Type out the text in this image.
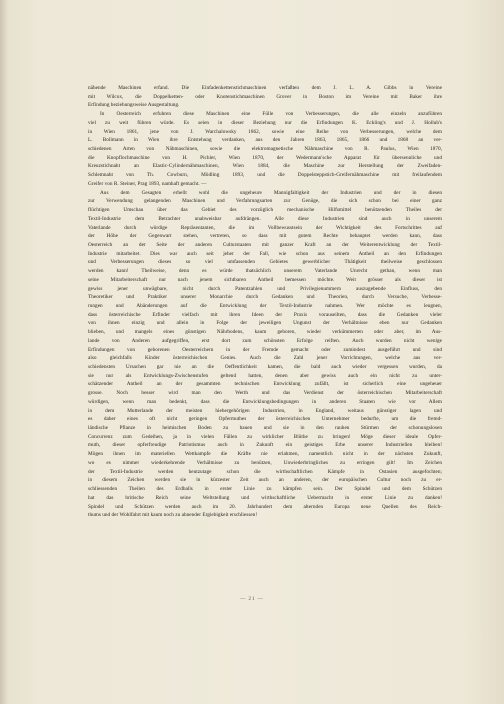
nähende Maschinen erfand. Die Einfadenkettenstichmaschinen verfaßten dem J. L. A. Gibbs in Vereine
mit Wilcox, die Doppelketten- oder Knotenstichmaschinen Grover in Boston im Vereine mit Baker ihre
Erfindung beziehungsweise Ausgestaltung.
In Oesterreich erfuhren diese Maschinen eine Fülle von Verbesserungen, die alle einzeln anzuführen
viel zu weit führen würde. Es seien in dieser Beziehung nur die Erfindungen K. Eckling's und J. Hollub's
in Wien 1861, jene von J. Warchalowsky 1862, sowie eine Reihe von Verbesserungen, welche dem
L. Bollmann in Wien ihre Entstehung verdanken, aus den Jahren 1863, 1865, 1866 und 1868 an ver-
schiedenen Arten von Nähmaschinen, sowie die elektromagnetische Nähmaschine von R. Paulus, Wien 1870,
die Knopflochmaschine von H. Pichler, Wien 1870, der Wedermann'sche Apparat für übersennliche und
Kreuzstichnaht an Elastic-Cylindernähmaschinen, Wien 1884, die Maschine zur Herstellung der Zweifaden-
Schlemnaht von Th. Cowburn, Mödling 1893, und die Doppelsteppstich-Greifernähmaschine mit freilaufendem
Greifer von R. Steiner, Prag 1893, namhaft gemacht. —
Aus dem Gesagten erhellt wohl die ungeheure Mannigfaltigkeit der Industrien und der in diesen
zur Verwendung gelangenden Maschinen und Verfahrungsarten zur Genüge, die sich schon bei einer ganz
flüchtigen Umschau über das Gebiet des vorzüglich mechanische Hilfsmittel benützenden Theiles der
Textil-Industrie dem Betrachter unabweisbar aufdrängen. Alle diese Industrien sind auch in unserem
Vaterlande durch würdige Repräsentanten, die im Vollbewusstsein der Wichtigkeit des Fortschrittes auf
der Höhe der Gegenwart stehen, vertreten, so dass mit gutem Rechte behauptet werden kann, dass
Oesterreich an der Seite der anderen Culturstaaten mit ganzer Kraft an der Weiterentwicklung der Textil-
Industrie mitarbeitet. Dies war auch seit jeher der Fall, wie schon aus seinem Antheil an den Erfindungen
und Verbesserungen dieses so viel umfassenden Gebietes gewerblicher Thätigkeit theilweise geschlossen
werden kann! Theilweise, denn es würde thatsächlich unserem Vaterlande Unrecht gethan, wenn man
seine Mitarbeiterschaft nur nach jenem sichtbaren Antheil bemessen möchte. Weit grösser als dieser ist
gewiss jener unwägbare, nicht durch Patentzahlen und Privilegienummern auszugebende Einfluss, den
Theoretiker und Praktiker unserer Monarchie durch Gedanken und Theorien, durch Versuche, Verbesse-
rungen und Abänderungen auf die Entwicklung der Textil-Industrie nahmen. Wer möchte es leugnen,
dass österreichische Erfinder vielfach mit ihren Ideen der Praxis vorauseilten, dass die Gedanken vieler
von ihnen einzig und allein in Folge der jeweiligen Ungunst der Verhältnisse eben nur Gedanken
blieben, und mangels eines günstigen Nährbodens, kaum geboren, wieder verkümmerten oder aber, im Aus-
lande von Anderen aufgegriffen, erst dort zum schönsten Erfolge reiften. Auch wurden nicht wenige
Erfindungen von geborenen Oesterreichern in der Fremde gemacht oder zumindest ausgeführt und sind
also gleichfalls Kinder österreichischen Genies. Auch die Zahl jener Vorrichtungen, welche aus ver-
schiedensten Ursachen gar nie an die Oeffentlichkeit kamen, die bald auch wieder vergessen wurden, da
sie nur als Entwicklungs-Zwischenstufen geltend hatten, denen aber gewiss auch ein nicht zu unter-
schätzender Antheil an der gesammten technischen Entwicklung zufällt, ist sicherlich eine ungeheuer
grosse. Noch besser wird man den Werth und das Verdienst der österreichischen Mitarbeiterschaft
würdigen, wenn man bedenkt, dass die Entwicklungsbedingungen in anderen Staaten wie vor Allem
in dem Mutterlande der meisten hiehergehörigen Industrien, in England, weitaus günstiger lagen und
es daher eines oft nicht geringen Opfermuthes der österreichischen Unternehmer bedurfte, um die fremd-
ländische Pflanze in heimischen Boden zu bauen und sie in den rauhen Stürmen der schonungslosen
Concurrenz zum Gedeihen, ja in vielen Fällen zu wirklicher Blüthe zu bringen! Möge dieser ideale Opfer-
muth, dieser opferfreudige Patriotismus auch in Zukunft ein geistiges Erbe unserer Industriellen bleiben!
Mögen ihnen im materiellen Wettkampfe die Kräfte nie erlahmen, namentlich nicht in der nächsten Zukunft,
wo es nimmer wiederkehrende Verhältnisse zu benützen, Unwiederbringliches zu erringen gilt! Im Zeichen
der Textil-Industrie werden heutzutage schon die wirthschaftlichen Kämpfe in Ostasien ausgefochten;
in diesem Zeichen werden sie in kürzester Zeit auch an anderen, der europäischen Cultur noch zu er-
schliessenden Theilen des Erdballs in erster Linie zu kämpfen sein. Der Spindel und dem Schützen
hat das britische Reich seine Weltstellung und wirthschaftliche Uebermacht in erster Linie zu danken!
Spindel und Schützen werden auch im 20. Jahrhundert dem alternden Europa neue Quellen des Reich-
thums und der Wohlfahrt mit kaum noch zu ahnender Ergiebigkeit erschliessen!
— 21 —
